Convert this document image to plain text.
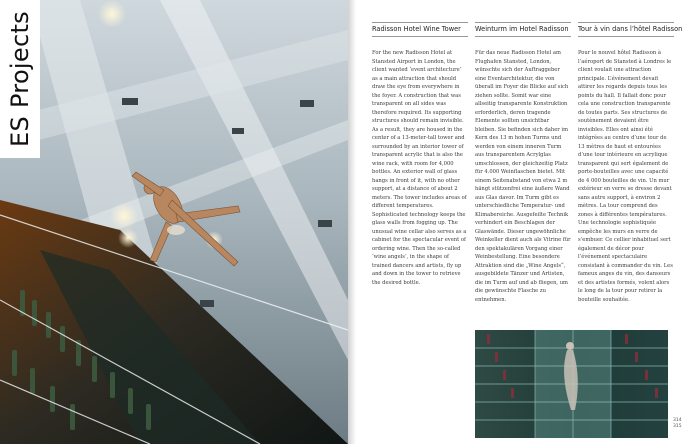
ES Projects	Radisson Hotel Wine Tower
For the new Radisson Hotel at Stansted Airport in London, the client wanted ‘event architecture’ as a main attraction that should draw the eye from everywhere in the foyer. A construction that was transparent on all sides was therefore required. Its supporting structures should remain invisible. As a result, they are housed in the center of a 13-meter-tall tower and surrounded by an interior tower of transparent acrylic that is also the wine rack, with room for 4,000 bottles. An exterior wall of glass hangs in front of it, with no other support, at a distance of about 2 meters. The tower includes areas of different temperatures. Sophisticated technology keeps the glass walls from fogging up. The unusual wine cellar also serves as a cabinet for the spectacular event of ordering wine. Then the so-called ‘wine angels’, in the shape of trained dancers and artists, fly up and down in the tower to retrieve the desired bottle.
Weinturm im Hotel Radisson
Für das neue Radisson Hotel am Flughafen Stansted, London, wünschte sich der Auftraggeber eine Eventarchitektur, die von überall im Foyer die Blicke auf sich ziehen sollte. Somit war eine allseitig transparente Konstruktion erforderlich, deren tragende Elemente sollten unsichtbar bleiben. Sie befinden sich daher im Kern des 13 m hohen Turms und werden von einem inneren Turm aus transparentem Acrylglas umschlossen, der gleichzeitig Platz für 4.000 Weinflaschen bietet. Mit einem Seitenabstand von etwa 2 m hängt stützenfrei eine äußere Wand aus Glas davor. Im Turm gibt es unterschiedliche Temperatur- und Klimabereiche. Ausgefeilte Technik verhindert ein Beschlagen der Glaswände. Dieser ungewöhnliche Weinkeller dient auch als Vitrine für den spektakulären Vorgang einer Weinbestellung. Eine besondere Attraktion sind die „Wine Angels“, ausgebildete Tänzer und Artisten, die im Turm auf und ab fliegen, um die gewünschte Flasche zu entnehmen.
Tour à vin dans l’hôtel Radisson
Pour le nouvel hôtel Radisson à l’aéroport de Stansted à Londres le client voulait une attraction principale. L’événement devait attirer les regards depuis tous les points du hall. Il fallait donc pour cela une construction transparente de toutes parts. Ses structures de soutènement devaient être invisibles. Elles ont ainsi été intégrées au centre d’une tour de 13 mètres de haut et entourées d’une tour intérieure en acrylique transparent qui sert également de porte-bouteilles avec une capacité de 4 000 bouteilles de vin. Un mur extérieur en verre se dresse devant sans autre support, à environ 2 mètres. La tour comprend des zones à différentes températures. Une technologie sophistiquée empêche les murs en verre de s’embuer. Ce cellier inhabituel sert également de décor pour l’événement spectaculaire consistant à commander du vin. Les fameux anges du vin, des danseurs et des artistes formés, volent alors le long de la tour pour retirer la bouteille souhaitée.
314
315
